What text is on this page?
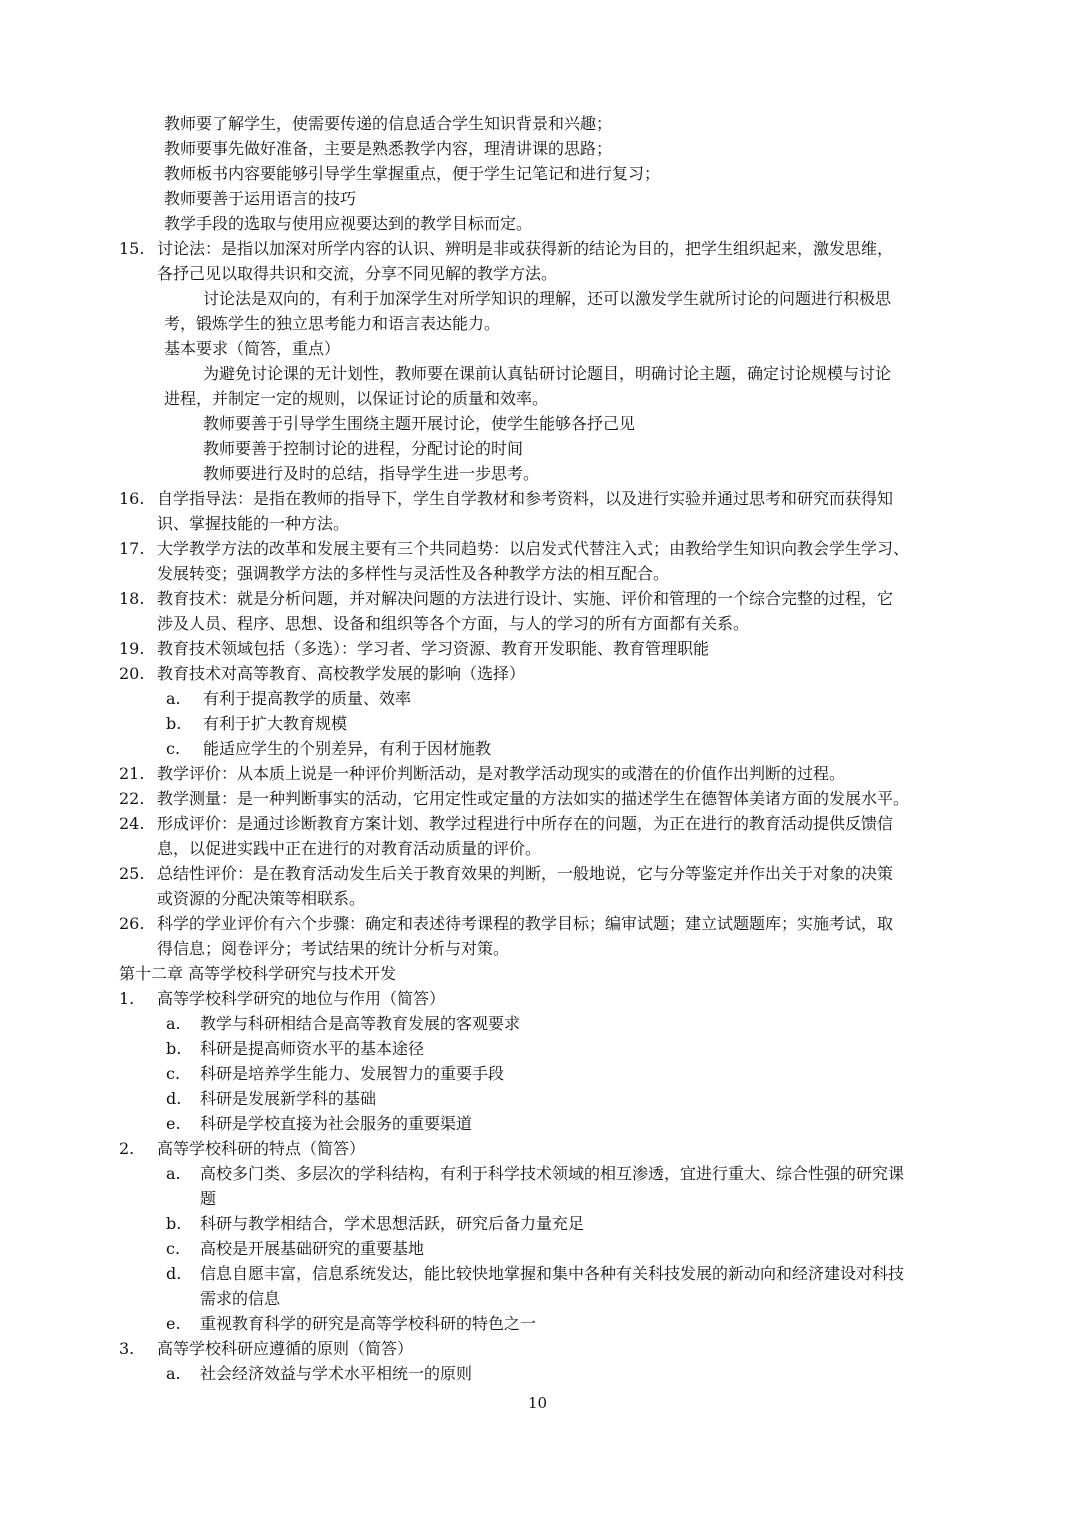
教师要了解学生，使需要传递的信息适合学生知识背景和兴趣；
教师要事先做好准备，主要是熟悉教学内容，理清讲课的思路；
教师板书内容要能够引导学生掌握重点，便于学生记笔记和进行复习；
教师要善于运用语言的技巧
教学手段的选取与使用应视要达到的教学目标而定。
15. 讨论法：是指以加深对所学内容的认识、辨明是非或获得新的结论为目的，把学生组织起来，激发思维，
各抒己见以取得共识和交流，分享不同见解的教学方法。
讨论法是双向的，有利于加深学生对所学知识的理解，还可以激发学生就所讨论的问题进行积极思
考，锻炼学生的独立思考能力和语言表达能力。
基本要求（简答，重点）
为避免讨论课的无计划性，教师要在课前认真钻研讨论题目，明确讨论主题，确定讨论规模与讨论
进程，并制定一定的规则，以保证讨论的质量和效率。
教师要善于引导学生围绕主题开展讨论，使学生能够各抒己见
教师要善于控制讨论的进程，分配讨论的时间
教师要进行及时的总结，指导学生进一步思考。
16. 自学指导法：是指在教师的指导下，学生自学教材和参考资料，以及进行实验并通过思考和研究而获得知
识、掌握技能的一种方法。
17. 大学教学方法的改革和发展主要有三个共同趋势：以启发式代替注入式；由教给学生知识向教会学生学习、
发展转变；强调教学方法的多样性与灵活性及各种教学方法的相互配合。
18. 教育技术：就是分析问题，并对解决问题的方法进行设计、实施、评价和管理的一个综合完整的过程，它
涉及人员、程序、思想、设备和组织等各个方面，与人的学习的所有方面都有关系。
19. 教育技术领域包括（多选）：学习者、学习资源、教育开发职能、教育管理职能
20. 教育技术对高等教育、高校教学发展的影响（选择）
a. 有利于提高教学的质量、效率
b. 有利于扩大教育规模
c. 能适应学生的个别差异，有利于因材施教
21. 教学评价：从本质上说是一种评价判断活动，是对教学活动现实的或潜在的价值作出判断的过程。
22. 教学测量：是一种判断事实的活动，它用定性或定量的方法如实的描述学生在德智体美诸方面的发展水平。
24. 形成评价：是通过诊断教育方案计划、教学过程进行中所存在的问题，为正在进行的教育活动提供反馈信
息，以促进实践中正在进行的对教育活动质量的评价。
25. 总结性评价：是在教育活动发生后关于教育效果的判断，一般地说，它与分等鉴定并作出关于对象的决策
或资源的分配决策等相联系。
26. 科学的学业评价有六个步骤：确定和表述待考课程的教学目标；编审试题；建立试题题库；实施考试，取
得信息；阅卷评分；考试结果的统计分析与对策。
第十二章 高等学校科学研究与技术开发
1. 高等学校科学研究的地位与作用（简答）
a. 教学与科研相结合是高等教育发展的客观要求
b. 科研是提高师资水平的基本途径
c. 科研是培养学生能力、发展智力的重要手段
d. 科研是发展新学科的基础
e. 科研是学校直接为社会服务的重要渠道
2. 高等学校科研的特点（简答）
a. 高校多门类、多层次的学科结构，有利于科学技术领域的相互渗透，宜进行重大、综合性强的研究课
题
b. 科研与教学相结合，学术思想活跃，研究后备力量充足
c. 高校是开展基础研究的重要基地
d. 信息自愿丰富，信息系统发达，能比较快地掌握和集中各种有关科技发展的新动向和经济建设对科技
需求的信息
e. 重视教育科学的研究是高等学校科研的特色之一
3. 高等学校科研应遵循的原则（简答）
a. 社会经济效益与学术水平相统一的原则
10
